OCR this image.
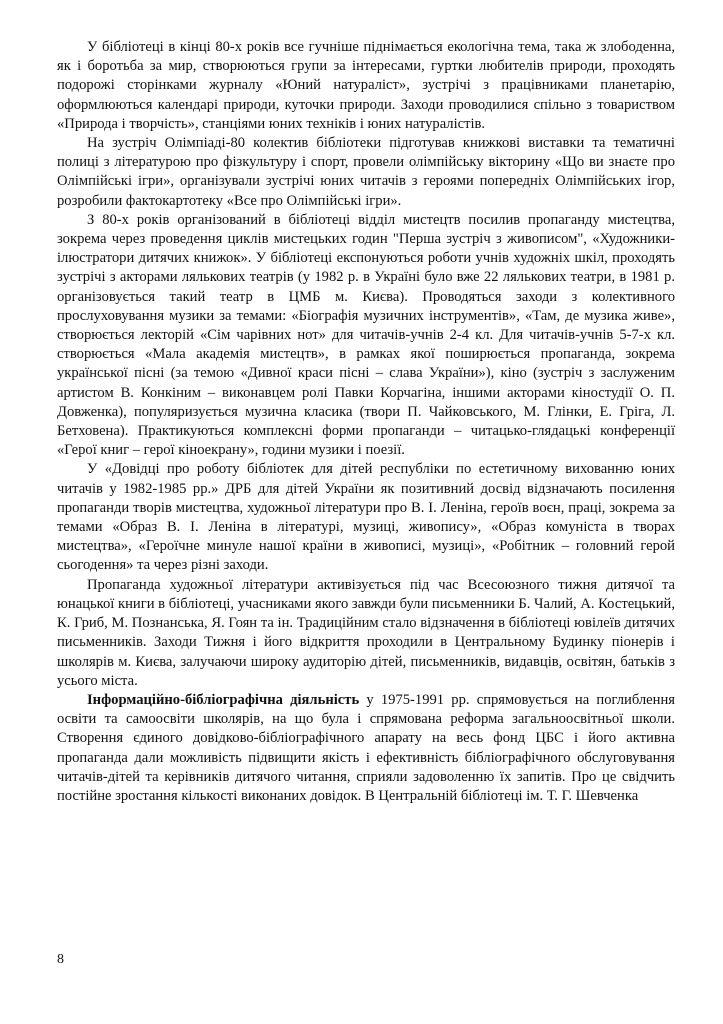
У бібліотеці в кінці 80-х років все гучніше піднімається екологічна тема, така ж злободенна, як і боротьба за мир, створюються групи за інтересами, гуртки любителів природи, проходять подорожі сторінками журналу «Юний натураліст», зустрічі з працівниками планетарію, оформлюються календарі природи, куточки природи. Заходи проводилися спільно з товариством «Природа і творчість», станціями юних техніків і юних натуралістів.

На зустріч Олімпіаді-80 колектив бібліотеки підготував книжкові виставки та тематичні полиці з літературою про фізкультуру і спорт, провели олімпійську вікторину «Що ви знаєте про Олімпійські ігри», організували зустрічі юних читачів з героями попередніх Олімпійських ігор, розробили фактокартотеку «Все про Олімпійські ігри».

З 80-х років організований в бібліотеці відділ мистецтв посилив пропаганду мистецтва, зокрема через проведення циклів мистецьких годин "Перша зустріч з живописом", «Художники-ілюстратори дитячих книжок». У бібліотеці експонуються роботи учнів художніх шкіл, проходять зустрічі з акторами лялькових театрів (у 1982 р. в Україні було вже 22 лялькових театри, в 1981 р. організовується такий театр в ЦМБ м. Києва). Проводяться заходи з колективного прослуховування музики за темами: «Біографія музичних інструментів», «Там, де музика живе», створюється лекторій «Сім чарівних нот» для читачів-учнів 2-4 кл. Для читачів-учнів 5-7-х кл. створюється «Мала академія мистецтв», в рамках якої поширюється пропаганда, зокрема української пісні (за темою «Дивної краси пісні – слава України»), кіно (зустріч з заслуженим артистом В. Конкіним – виконавцем ролі Павки Корчагіна, іншими акторами кіностудії О. П. Довженка), популяризується музична класика (твори П. Чайковського, М. Глінки, Е. Гріга, Л. Бетховена). Практикуються комплексні форми пропаганди – читацько-глядацькі конференції «Герої книг – герої кіноекрану», години музики і поезії.

У «Довідці про роботу бібліотек для дітей республіки по естетичному вихованню юних читачів у 1982-1985 рр.» ДРБ для дітей України як позитивний досвід відзначають посилення пропаганди творів мистецтва, художньої літератури про В. І. Леніна, героїв воєн, праці, зокрема за темами «Образ В. І. Леніна в літературі, музиці, живопису», «Образ комуніста в творах мистецтва», «Героїчне минуле нашої країни в живописі, музиці», «Робітник – головний герой сьогодення» та через різні заходи.

Пропаганда художньої літератури активізується під час Всесоюзного тижня дитячої та юнацької книги в бібліотеці, учасниками якого завжди були письменники Б. Чалий, А. Костецький, К. Гриб, М. Познанська, Я. Гоян та ін. Традиційним стало відзначення в бібліотеці ювілеїв дитячих письменників. Заходи Тижня і його відкриття проходили в Центральному Будинку піонерів і школярів м. Києва, залучаючи широку аудиторію дітей, письменників, видавців, освітян, батьків з усього міста.

Інформаційно-бібліографічна діяльність у 1975-1991 рр. спрямовується на поглиблення освіти та самоосвіти школярів, на що була і спрямована реформа загальноосвітньої школи. Створення єдиного довідково-бібліографічного апарату на весь фонд ЦБС і його активна пропаганда дали можливість підвищити якість і ефективність бібліографічного обслуговування читачів-дітей та керівників дитячого читання, сприяли задоволенню їх запитів. Про це свідчить постійне зростання кількості виконаних довідок. В Центральній бібліотеці ім. Т. Г. Шевченка

8
